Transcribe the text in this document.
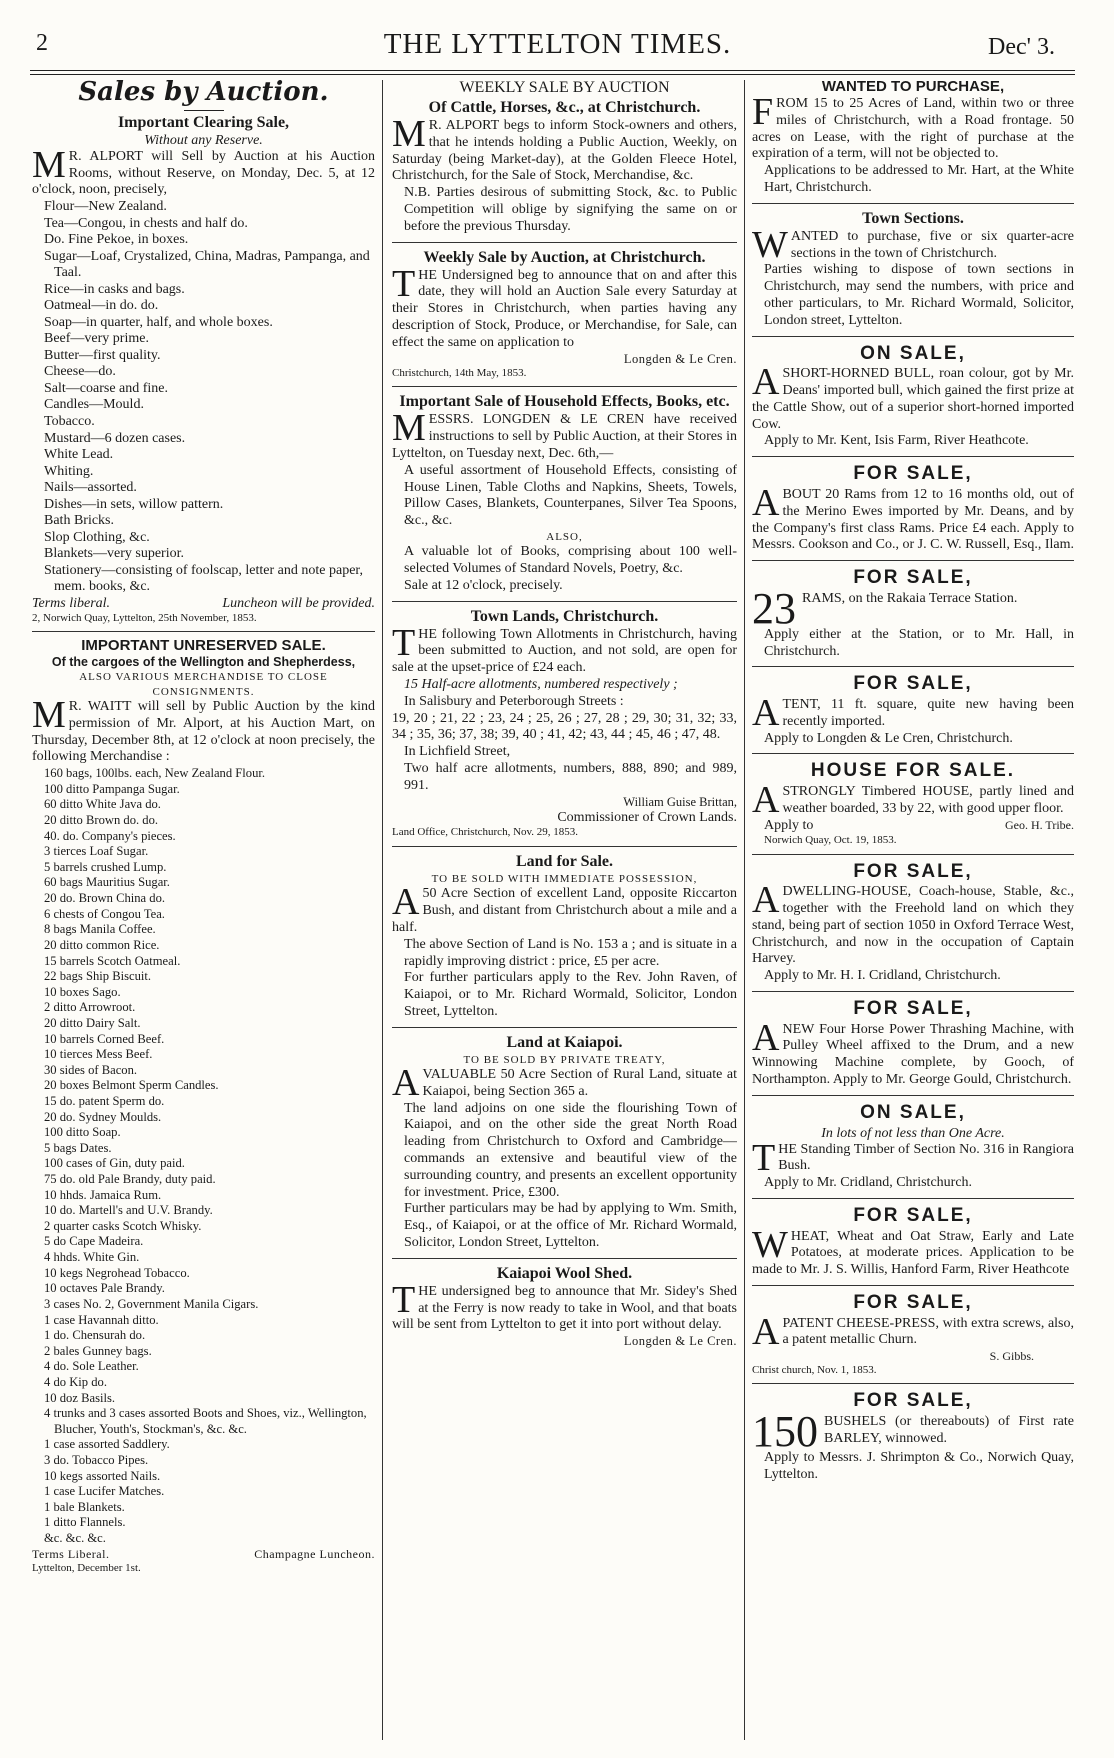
2	THE LYTTELTON TIMES.	Dec' 3.
Sales by Auction.
Important Clearing Sale,
Without any Reserve.

M R. ALPORT will Sell by Auction at his Auction Rooms, without Reserve, on Monday, Dec. 5, at 12 o'clock, noon, precisely,

Flour—New Zealand.
Tea—Congou, in chests and half do.
Do. Fine Pekoe, in boxes.
Sugar—Loaf, Crystalized, China, Madras, Pampanga, and Taal.
Rice—in casks and bags.
Oatmeal—in do. do.
Soap—in quarter, half, and whole boxes.
Beef—very prime.
Butter—first quality.
Cheese—do.
Salt—coarse and fine.
Candles—Mould.
Tobacco.
Mustard—6 dozen cases.
White Lead.
Whiting.
Nails—assorted.
Dishes—in sets, willow pattern.
Bath Bricks.
Slop Clothing, &c.
Blankets—very superior.
Stationery—consisting of foolscap, letter and note paper, mem. books, &c.
Terms liberal.	Luncheon will be provided.
2, Norwich Quay, Lyttelton, 25th November, 1853.
IMPORTANT UNRESERVED SALE.
Of the cargoes of the Wellington and Shepherdess,
ALSO VARIOUS MERCHANDISE TO CLOSE CONSIGNMENTS.

M R. WAITT will sell by Public Auction by the kind permission of Mr. Alport, at his Auction Mart, on Thursday, December 8th, at 12 o'clock at noon precisely, the following Merchandise :

160 bags, 100lbs. each, New Zealand Flour.
100 ditto Pampanga Sugar.
60 ditto White Java do.
20 ditto Brown do. do.
40. do. Company's pieces.
3 tierces Loaf Sugar.
5 barrels crushed Lump.
60 bags Mauritius Sugar.
20 do. Brown China do.
6 chests of Congou Tea.
8 bags Manila Coffee.
20 ditto common Rice.
15 barrels Scotch Oatmeal.
22 bags Ship Biscuit.
10 boxes Sago.
2 ditto Arrowroot.
20 ditto Dairy Salt.
10 barrels Corned Beef.
10 tierces Mess Beef.
30 sides of Bacon.
20 boxes Belmont Sperm Candles.
15 do. patent Sperm do.
20 do. Sydney Moulds.
100 ditto Soap.
5 bags Dates.
100 cases of Gin, duty paid.
75 do. old Pale Brandy, duty paid.
10 hhds. Jamaica Rum.
10 do. Martell's and U.V. Brandy.
2 quarter casks Scotch Whisky.
5 do Cape Madeira.
4 hhds. White Gin.
10 kegs Negrohead Tobacco.
10 octaves Pale Brandy.
3 cases No. 2, Government Manila Cigars.
1 case Havannah ditto.
1 do. Chensurah do.
2 bales Gunney bags.
4 do. Sole Leather.
4 do Kip do.
10 doz Basils.
4 trunks and 3 cases assorted Boots and Shoes, viz., Wellington, Blucher, Youth's, Stockman's, &c. &c.
1 case assorted Saddlery.
3 do. Tobacco Pipes.
10 kegs assorted Nails.
1 case Lucifer Matches.
1 bale Blankets.
1 ditto Flannels.
&c. &c. &c.
Terms Liberal.	Champagne Luncheon.
Lyttelton, December 1st.
WEEKLY SALE BY AUCTION
Of Cattle, Horses, &c., at Christchurch.

M R. ALPORT begs to inform Stock-owners and others, that he intends holding a Public Auction, Weekly, on Saturday (being Market-day), at the Golden Fleece Hotel, Christchurch, for the Sale of Stock, Merchandise, &c.

N.B. Parties desirous of submitting Stock, &c. to Public Competition will oblige by signifying the same on or before the previous Thursday.

Weekly Sale by Auction, at Christchurch.

THE Undersigned beg to announce that on and after this date, they will hold an Auction Sale every Saturday at their Stores in Christchurch, when parties having any description of Stock, Produce, or Merchandise, for Sale, can effect the same on application to

Longden & Le Cren.

Christchurch, 14th May, 1853.
Important Sale of Household Effects, Books, etc.

MESSRS. LONGDEN & LE CREN have received instructions to sell by Public Auction, at their Stores in Lyttelton, on Tuesday next, Dec. 6th,—

A useful assortment of Household Effects, consisting of House Linen, Table Cloths and Napkins, Sheets, Towels, Pillow Cases, Blankets, Counterpanes, Silver Tea Spoons, &c., &c.

ALSO,

A valuable lot of Books, comprising about 100 well-selected Volumes of Standard Novels, Poetry, &c.

Sale at 12 o'clock, precisely.

Town Lands, Christchurch.

THE following Town Allotments in Christchurch, having been submitted to Auction, and not sold, are open for sale at the upset-price of £24 each.

15 Half-acre allotments, numbered respectively ;

In Salisbury and Peterborough Streets :

19, 20 ; 21, 22 ; 23, 24 ; 25, 26 ; 27, 28 ; 29, 30; 31, 32; 33, 34 ; 35, 36; 37, 38; 39, 40 ; 41, 42; 43, 44 ; 45, 46 ; 47, 48.

In Lichfield Street,

Two half acre allotments, numbers, 888, 890; and 989, 991.

William Guise Brittan,

Commissioner of Crown Lands.

Land Office, Christchurch, Nov. 29, 1853.
Land for Sale.
TO BE SOLD WITH IMMEDIATE POSSESSION,

A 50 Acre Section of excellent Land, opposite Riccarton Bush, and distant from Christchurch about a mile and a half.

The above Section of Land is No. 153 a ; and is situate in a rapidly improving district : price, £5 per acre.

For further particulars apply to the Rev. John Raven, of Kaiapoi, or to Mr. Richard Wormald, Solicitor, London Street, Lyttelton.

Land at Kaiapoi.
TO BE SOLD BY PRIVATE TREATY,

AVALUABLE 50 Acre Section of Rural Land, situate at Kaiapoi, being Section 365 a.

The land adjoins on one side the flourishing Town of Kaiapoi, and on the other side the great North Road leading from Christchurch to Oxford and Cambridge—commands an extensive and beautiful view of the surrounding country, and presents an excellent opportunity for investment. Price, £300.

Further particulars may be had by applying to Wm. Smith, Esq., of Kaiapoi, or at the office of Mr. Richard Wormald, Solicitor, London Street, Lyttelton.

Kaiapoi Wool Shed.

THE undersigned beg to announce that Mr. Sidey's Shed at the Ferry is now ready to take in Wool, and that boats will be sent from Lyttelton to get it into port without delay.

Longden & Le Cren.

WANTED TO PURCHASE,

FROM 15 to 25 Acres of Land, within two or three miles of Christchurch, with a Road frontage. 50 acres on Lease, with the right of purchase at the expiration of a term, will not be objected to.

Applications to be addressed to Mr. Hart, at the White Hart, Christchurch.

Town Sections.

WANTED to purchase, five or six quarter-acre sections in the town of Christchurch.

Parties wishing to dispose of town sections in Christchurch, may send the numbers, with price and other particulars, to Mr. Richard Wormald, Solicitor, London street, Lyttelton.

ON SALE,

ASHORT-HORNED BULL, roan colour, got by Mr. Deans' imported bull, which gained the first prize at the Cattle Show, out of a superior short-horned imported Cow.

Apply to Mr. Kent, Isis Farm, River Heathcote.

FOR SALE,

ABOUT 20 Rams from 12 to 16 months old, out of the Merino Ewes imported by Mr. Deans, and by the Company's first class Rams. Price £4 each. Apply to Messrs. Cookson and Co., or J. C. W. Russell, Esq., Ilam.

FOR SALE,

23 RAMS, on the Rakaia Terrace Station.

Apply either at the Station, or to Mr. Hall, in Christchurch.

FOR SALE,

ATENT, 11 ft. square, quite new having been recently imported.

Apply to Longden & Le Cren, Christchurch.

HOUSE FOR SALE.

ASTRONGLY Timbered HOUSE, partly lined and weather boarded, 33 by 22, with good upper floor.

Apply to	Geo. H. Tribe.
Norwich Quay, Oct. 19, 1853.
FOR SALE,

ADWELLING-HOUSE, Coach-house, Stable, &c., together with the Freehold land on which they stand, being part of section 1050 in Oxford Terrace West, Christchurch, and now in the occupation of Captain Harvey.

Apply to Mr. H. I. Cridland, Christchurch.

FOR SALE,

ANEW Four Horse Power Thrashing Machine, with Pulley Wheel affixed to the Drum, and a new Winnowing Machine complete, by Gooch, of Northampton. Apply to Mr. George Gould, Christchurch.

ON SALE,
In lots of not less than One Acre.

THE Standing Timber of Section No. 316 in Rangiora Bush.

Apply to Mr. Cridland, Christchurch.

FOR SALE,

WHEAT, Wheat and Oat Straw, Early and Late Potatoes, at moderate prices. Application to be made to Mr. J. S. Willis, Hanford Farm, River Heathcote

FOR SALE,

APATENT CHEESE-PRESS, with extra screws, also, a patent metallic Churn.

S. Gibbs.

Christ church, Nov. 1, 1853.
FOR SALE,

150 BUSHELS (or thereabouts) of First rate BARLEY, winnowed.

Apply to Messrs. J. Shrimpton & Co., Norwich Quay, Lyttelton.
